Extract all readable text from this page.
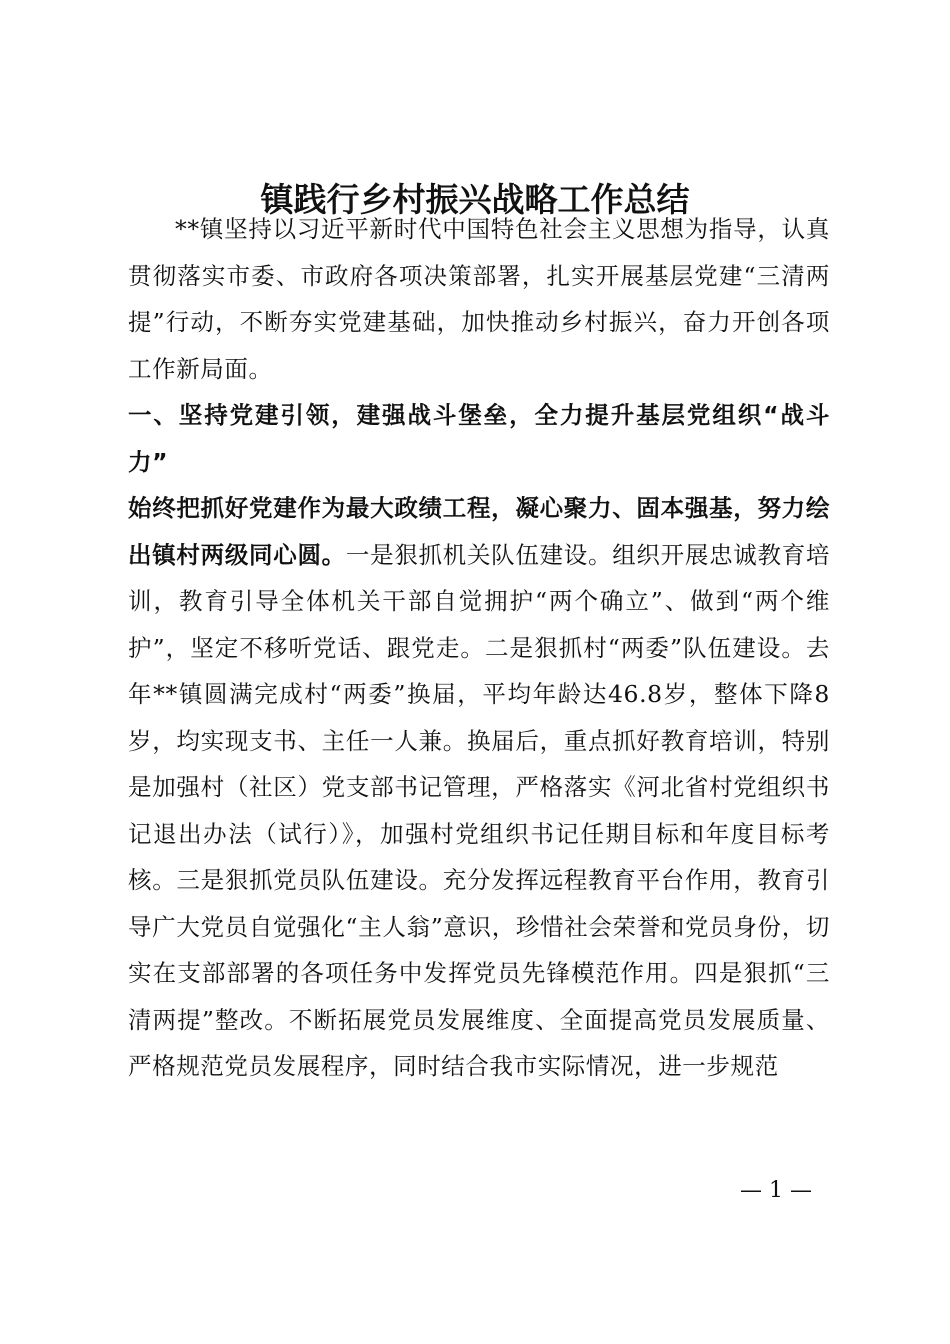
镇践行乡村振兴战略工作总结

**镇坚持以习近平新时代中国特色社会主义思想为指导，认真贯彻落实市委、市政府各项决策部署，扎实开展基层党建“三清两提”行动，不断夯实党建基础，加快推动乡村振兴，奋力开创各项工作新局面。

一、坚持党建引领，建强战斗堡垒，全力提升基层党组织“战斗力”

始终把抓好党建作为最大政绩工程，凝心聚力、固本强基，努力绘出镇村两级同心圆。一是狠抓机关队伍建设。组织开展忠诚教育培训，教育引导全体机关干部自觉拥护“两个确立”、做到“两个维护”，坚定不移听党话、跟党走。二是狠抓村“两委”队伍建设。去年**镇圆满完成村“两委”换届，平均年龄达46.8岁，整体下降8岁，均实现支书、主任一人兼。换届后，重点抓好教育培训，特别是加强村（社区）党支部书记管理，严格落实《河北省村党组织书记退出办法（试行）》，加强村党组织书记任期目标和年度目标考核。三是狠抓党员队伍建设。充分发挥远程教育平台作用，教育引导广大党员自觉强化“主人翁”意识，珍惜社会荣誉和党员身份，切实在支部部署的各项任务中发挥党员先锋模范作用。四是狠抓“三清两提”整改。不断拓展党员发展维度、全面提高党员发展质量、严格规范党员发展程序，同时结合我市实际情况，进一步规范

— 1 —
